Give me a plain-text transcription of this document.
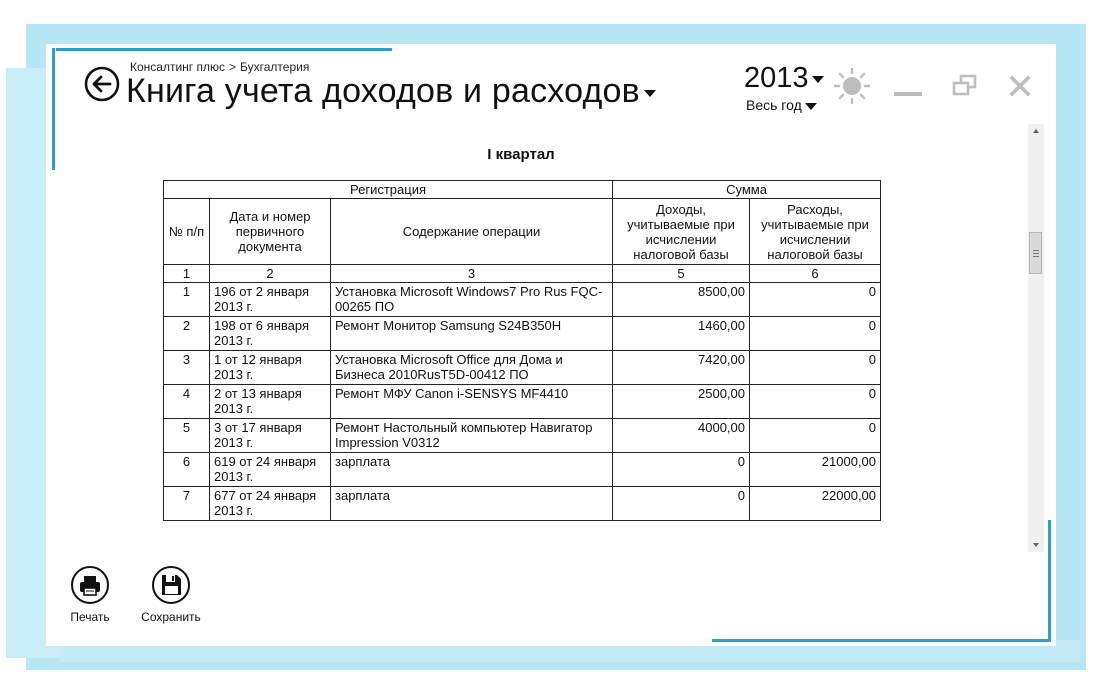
Консалтинг плюс > Бухгалтерия
Книга учета доходов и расходов	2013
Весь год
I квартал
Регистрация			Сумма	
№ п/п	Дата и номер первичного документа	Содержание операции	Доходы, учитываемые при исчислении налоговой базы	Расходы, учитываемые при исчислении налоговой базы
1	2	3	5	6
1	196 от 2 января 2013 г.	Установка Microsoft Windows7 Pro Rus FQC-00265 ПО	8500,00	0
2	198 от 6 января 2013 г.	Ремонт Монитор Samsung S24B350H	1460,00	0
3	1 от 12 января 2013 г.	Установка Microsoft Office для Дома и Бизнеса 2010RusT5D-00412 ПО	7420,00	0
4	2 от 13 января 2013 г.	Ремонт МФУ Canon i-SENSYS MF4410	2500,00	0
5	3 от 17 января 2013 г.	Ремонт Настольный компьютер Навигатор Impression V0312	4000,00	0
6	619 от 24 января 2013 г.	зарплата	0	21000,00
7	677 от 24 января 2013 г.	зарплата	0	22000,00
Печать	Сохранить
